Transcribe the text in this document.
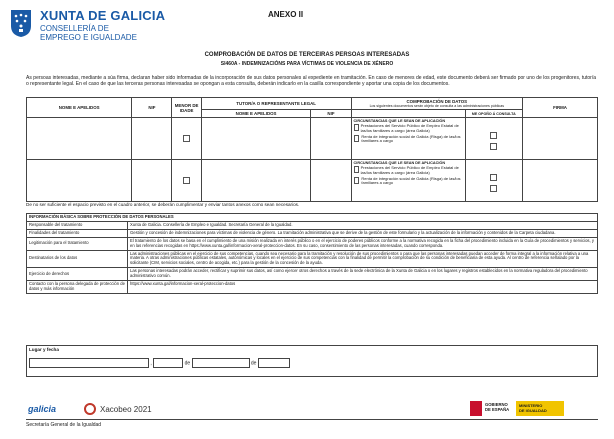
XUNTA DE GALICIA
CONSELLERÍA DE
EMPREGO E IGUALDADE
ANEXO II
COMPROBACIÓN DE DATOS DE TERCEIRAS PERSOAS INTERESADAS
SI460A - INDEMNIZACIÓNS PARA VÍCTIMAS DE VIOLENCIA DE XÉNERO
As persoas interesadas, mediante a súa firma, declaran haber sido informadas de la incorporación de sus datos personales al expediente en tramitación. En caso de menores de edad, este documento deberá ser firmado por uno de los progenitores, tutor/a o representante legal. En el caso de que las terceras personas interesadas se opongan a esta consulta, deberán indicarlo en la casilla correspondiente y aportar una copia de los documentos.
NOME E APELIDOS	NIF	MENOR DE IDADE	TUTOR/A O REPRESENTANTE LEGAL		COMPROBACIÓN DE DATOS
Los siguientes documentos serán objeto de consulta a las administraciones públicas		FIRMA
			NOME E APELIDOS	NIF		ME OPOÑO Á CONSULTA	

					CIRCUNSTANCIAS QUE LE SEAN DE APLICACIÓN
Prestaciones del Servicio Público de Empleo Estatal de las/los familiares a cargo (área Galicia)
Renta de integración social de Galicia (Risga) de las/los familiares a cargo		

					CIRCUNSTANCIAS QUE LE SEAN DE APLICACIÓN
Prestaciones del Servicio Público de Empleo Estatal de las/los familiares a cargo (área Galicia)
Renta de integración social de Galicia (Risga) de las/los familiares a cargo		

De no ser suficiente el espacio previsto en el cuadro anterior, se deberán cumplimentar y enviar tantos anexos como sean necesarios.
INFORMACIÓN BÁSICA SOBRE PROTECCIÓN DE DATOS PERSONALES	
Responsable del tratamiento	Xunta de Galicia. Consellería de Empleo e Igualdad. Secretaría General de la Igualdad.
Finalidades del tratamiento	Gestión y concesión de indemnizaciones para víctimas de violencia de género. La tramitación administrativa que se derive de la gestión de este formulario y la actualización de la información y contenidos de la Carpeta ciudadana.
Legitimación para el tratamiento	El tratamiento de los datos se basa en el cumplimiento de una misión realizada en interés público o en el ejercicio de poderes públicos conforme a la normativa recogida en la ficha del procedimiento incluida en la Guía de procedimientos y servicios, y en las referencias recogidas en https://www.xunta.gal/informacion-xeral-proteccion-datos. En su caso, consentimiento de las personas interesadas, cuando corresponda.
Destinatarios de los datos	Las administraciones públicas en el ejercicio de sus competencias, cuando sea necesario para la tramitación y resolución de sus procedimientos o para que las personas interesadas puedan acceder de forma integral a la información relativa a una materia. A otras administraciones públicas estatales, autonómicas y locales en el ejercicio de sus competencias con la finalidad de permitir la comprobación de su condición de beneficiaria de esta ayuda. Al centro de referencia señalado por la solicitante (CIM, servicios sociales, centro de acogida, etc.) para la gestión de la concesión de la ayuda.
Ejercicio de derechos	Las personas interesadas podrán acceder, rectificar y suprimir sus datos, así como ejercer otros derechos a través de la sede electrónica de la Xunta de Galicia o en los lugares y registros establecidos en la normativa reguladora del procedimiento administrativo común.
Contacto con la persona delegada de protección de datos y más información	https://www.xunta.gal/informacion-xeral-proteccion-datos
Lugar y fecha
,	de	de
galicia	Xacobeo 2021
GOBIERNO
DE ESPAÑA
MINISTERIO
DE IGUALDAD
Secretaría General de la Igualdad
